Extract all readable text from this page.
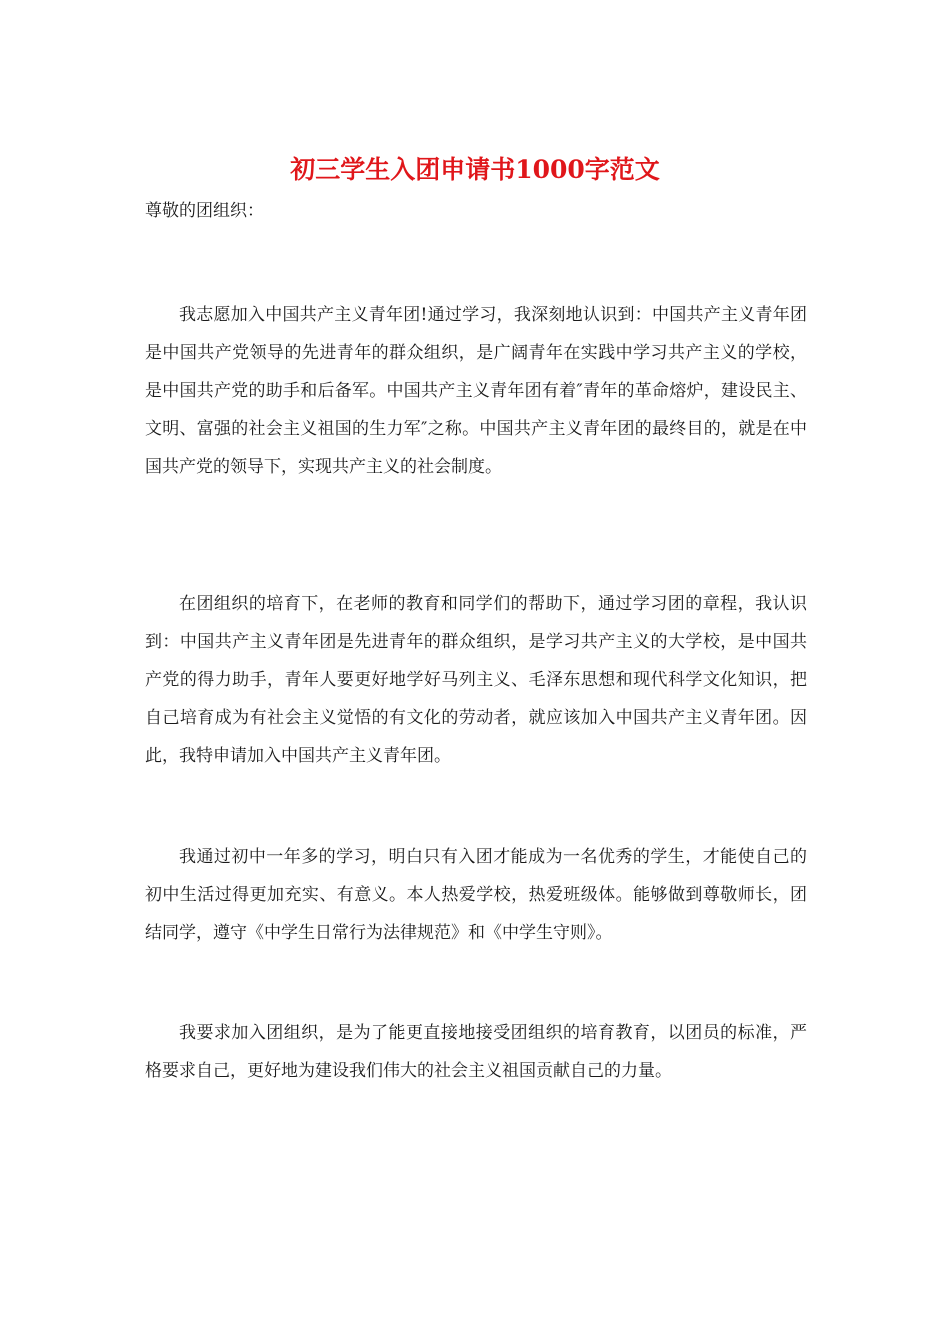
初三学生入团申请书1000字范文

尊敬的团组织：

我志愿加入中国共产主义青年团!通过学习，我深刻地认识到：中国共产主义青年团是中国共产党领导的先进青年的群众组织，是广阔青年在实践中学习共产主义的学校，是中国共产党的助手和后备军。中国共产主义青年团有着″青年的革命熔炉，建设民主、文明、富强的社会主义祖国的生力军″之称。中国共产主义青年团的最终目的，就是在中国共产党的领导下，实现共产主义的社会制度。

在团组织的培育下，在老师的教育和同学们的帮助下，通过学习团的章程，我认识到：中国共产主义青年团是先进青年的群众组织，是学习共产主义的大学校，是中国共产党的得力助手，青年人要更好地学好马列主义、毛泽东思想和现代科学文化知识，把自己培育成为有社会主义觉悟的有文化的劳动者，就应该加入中国共产主义青年团。因此，我特申请加入中国共产主义青年团。

我通过初中一年多的学习，明白只有入团才能成为一名优秀的学生，才能使自己的初中生活过得更加充实、有意义。本人热爱学校，热爱班级体。能够做到尊敬师长，团结同学，遵守《中学生日常行为法律规范》和《中学生守则》。

我要求加入团组织，是为了能更直接地接受团组织的培育教育，以团员的标准，严格要求自己，更好地为建设我们伟大的社会主义祖国贡献自己的力量。
